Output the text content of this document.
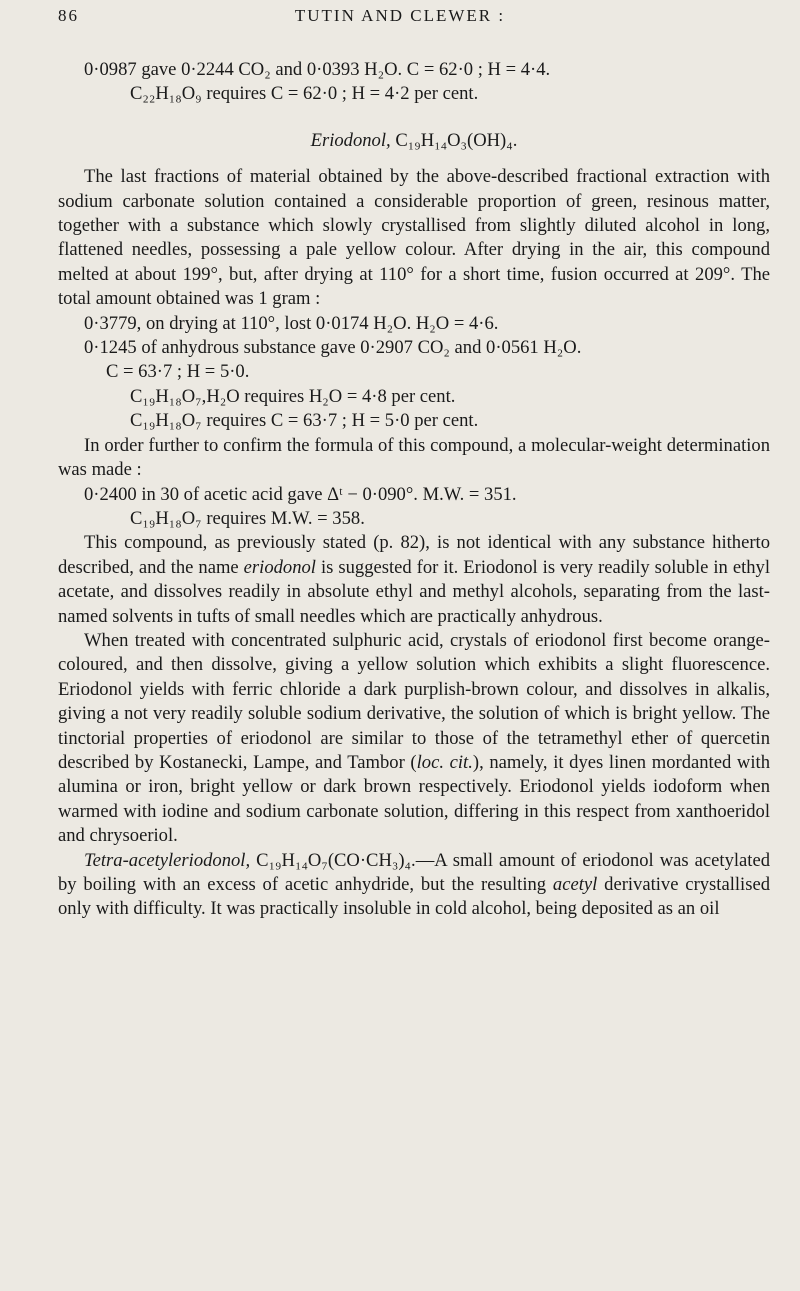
86	TUTIN AND CLEWER :
0·0987 gave 0·2244 CO₂ and 0·0393 H₂O. C = 62·0 ; H = 4·4.
C₂₂H₁₈O₉ requires C = 62·0 ; H = 4·2 per cent.
Eriodonol, C₁₉H₁₄O₃(OH)₄.

The last fractions of material obtained by the above-described fractional extraction with sodium carbonate solution contained a considerable proportion of green, resinous matter, together with a substance which slowly crystallised from slightly diluted alcohol in long, flattened needles, possessing a pale yellow colour. After drying in the air, this compound melted at about 199°, but, after drying at 110° for a short time, fusion occurred at 209°. The total amount obtained was 1 gram :

0·3779, on drying at 110°, lost 0·0174 H₂O. H₂O = 4·6.
0·1245 of anhydrous substance gave 0·2907 CO₂ and 0·0561 H₂O.
C = 63·7 ; H = 5·0.
C₁₉H₁₈O₇,H₂O requires H₂O = 4·8 per cent.
C₁₉H₁₈O₇ requires C = 63·7 ; H = 5·0 per cent.

In order further to confirm the formula of this compound, a molecular-weight determination was made :

0·2400 in 30 of acetic acid gave Δᵗ − 0·090°. M.W. = 351.
C₁₉H₁₈O₇ requires M.W. = 358.

This compound, as previously stated (p. 82), is not identical with any substance hitherto described, and the name eriodonol is suggested for it. Eriodonol is very readily soluble in ethyl acetate, and dissolves readily in absolute ethyl and methyl alcohols, separating from the last-named solvents in tufts of small needles which are practically anhydrous.

When treated with concentrated sulphuric acid, crystals of eriodonol first become orange-coloured, and then dissolve, giving a yellow solution which exhibits a slight fluorescence. Eriodonol yields with ferric chloride a dark purplish-brown colour, and dissolves in alkalis, giving a not very readily soluble sodium derivative, the solution of which is bright yellow. The tinctorial properties of eriodonol are similar to those of the tetramethyl ether of quercetin described by Kostanecki, Lampe, and Tambor (loc. cit.), namely, it dyes linen mordanted with alumina or iron, bright yellow or dark brown respectively. Eriodonol yields iodoform when warmed with iodine and sodium carbonate solution, differing in this respect from xanthoeridol and chrysoeriol.

Tetra-acetyleriodonol, C₁₉H₁₄O₇(CO·CH₃)₄.—A small amount of eriodonol was acetylated by boiling with an excess of acetic anhydride, but the resulting acetyl derivative crystallised only with difficulty. It was practically insoluble in cold alcohol, being deposited as an oil
